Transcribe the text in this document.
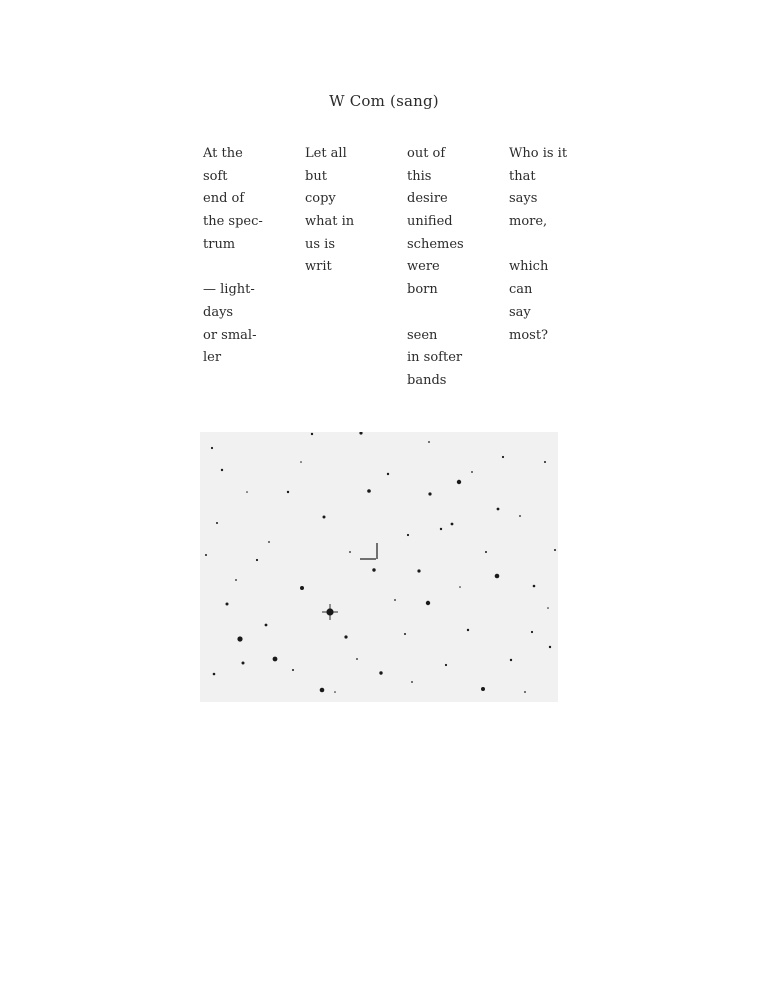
W Com (sang)
At the
soft
end of
the spec-
trum
— light-
days
or smal-
ler
Let all
but
copy
what in
us is
writ
out of
this
desire
unified
schemes
were
born
seen
in softer
bands
Who is it
that
says
more,
which
can
say
most?
